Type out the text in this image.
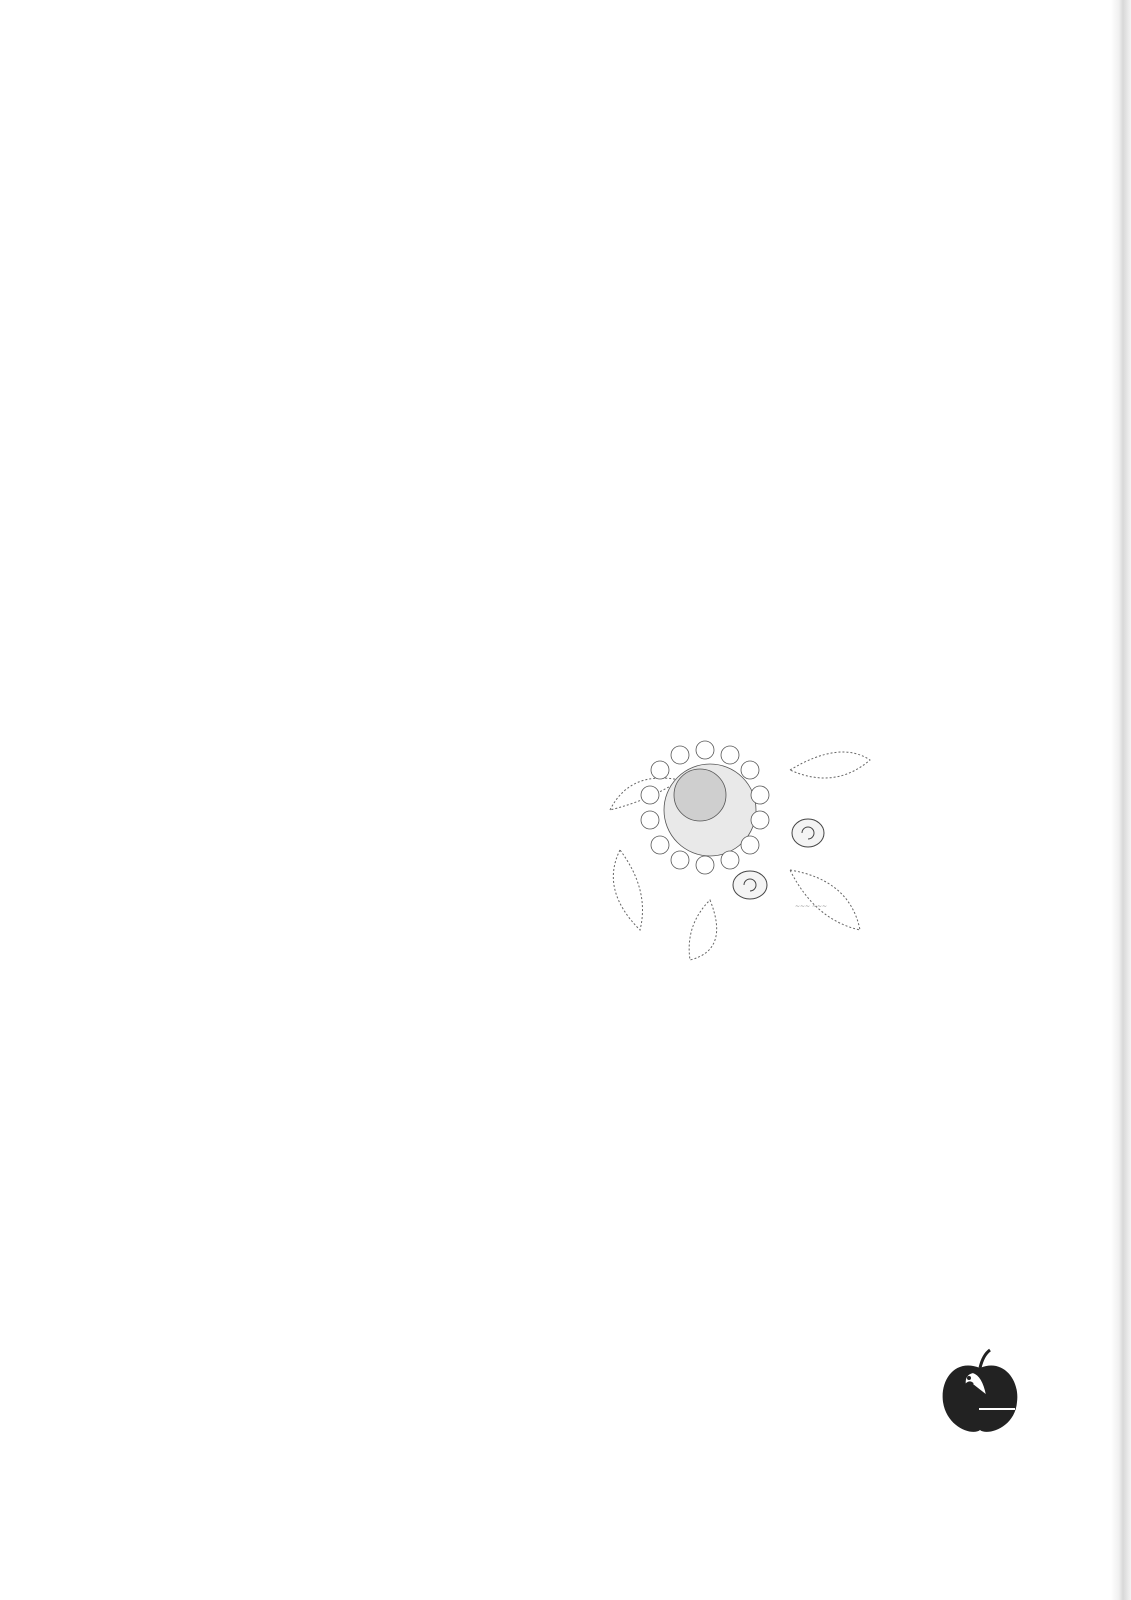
~~~ ~~~
